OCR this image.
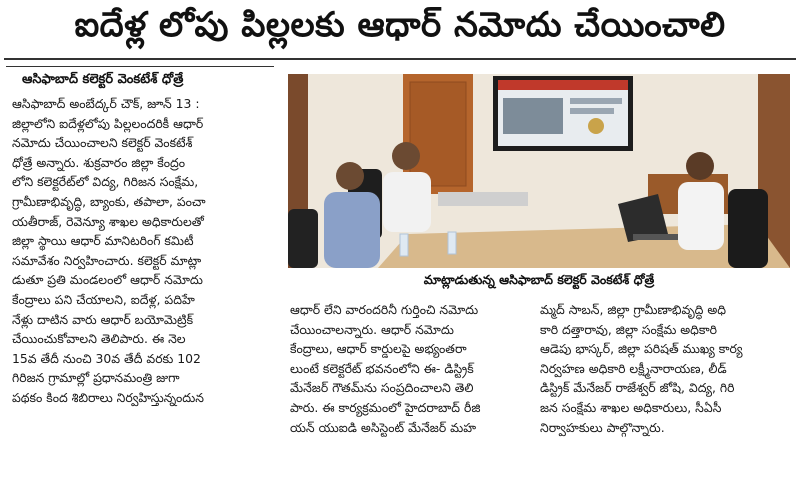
ఐదేళ్ల లోపు పిల్లలకు ఆధార్ నమోదు చేయించాలి
ఆసిఫాబాద్ కలెక్టర్ వెంకటేశ్ ధోత్రే

ఆసిఫాబాద్ అంబేద్కర్ చౌక్, జూన్ 13 :

జిల్లాలోని ఐదేళ్లలోపు పిల్లలందరికీ ఆధార్

నమోదు చేయించాలని కలెక్టర్ వెంకటేశ్

ధోత్రే అన్నారు. శుక్రవారం జిల్లా కేంద్రం

లోని కలెక్టరేట్‌లో విద్య, గిరిజన సంక్షేమ,

గ్రామీణాభివృద్ధి, బ్యాంకు, తపాలా, పంచా

యతీరాజ్, రెవెన్యూ శాఖల అధికారులతో

జిల్లా స్థాయి ఆధార్ మానిటరింగ్ కమిటీ

సమావేశం నిర్వహించారు. కలెక్టర్ మాట్లా

డుతూ ప్రతి మండలంలో ఆధార్ నమోదు

కేంద్రాలు పని చేయాలని, ఐదేళ్ల, పదిహే

నేళ్లు దాటిన వారు ఆధార్ బయోమెట్రిక్

చేయించుకోవాలని తెలిపారు. ఈ నెల

15వ తేదీ నుంచి 30వ తేదీ వరకు 102

గిరిజన గ్రామాల్లో ప్రధానమంత్రి జుగా

పథకం కింద శిబిరాలు నిర్వహిస్తున్నందున

మాట్లాడుతున్న ఆసిఫాబాద్ కలెక్టర్ వెంకటేశ్ ధోత్రే

ఆధార్ లేని వారందరినీ గుర్తించి నమోదు

చేయించాలన్నారు. ఆధార్ నమోదు

కేంద్రాలు, ఆధార్ కార్డులపై అభ్యంతరా

లుంటే కలెక్టరేట్ భవనంలోని ఈ- డిస్ట్రిక్

మేనేజర్ గౌతమ్‌ను సంప్రదించాలని తెలి

పారు. ఈ కార్యక్రమంలో హైదరాబాద్ రీజి

యన్ యుఐడి అసిస్టెంట్ మేనేజర్ మహ

మ్మద్ సాబన్, జిల్లా గ్రామీణాభివృద్ధి అధి

కారి దత్తారావు, జిల్లా సంక్షేమ అధికారి

ఆడెపు భాస్కర్, జిల్లా పరిషత్ ముఖ్య కార్య

నిర్వహణ అధికారి లక్ష్మీనారాయణ, లీడ్

డిస్ట్రిక్ మేనేజర్ రాజేశ్వర్ జోషి, విద్య, గిరి

జన సంక్షేమ శాఖల అధికారులు, సీఏసీ

నిర్వాహకులు పాల్గొన్నారు.
